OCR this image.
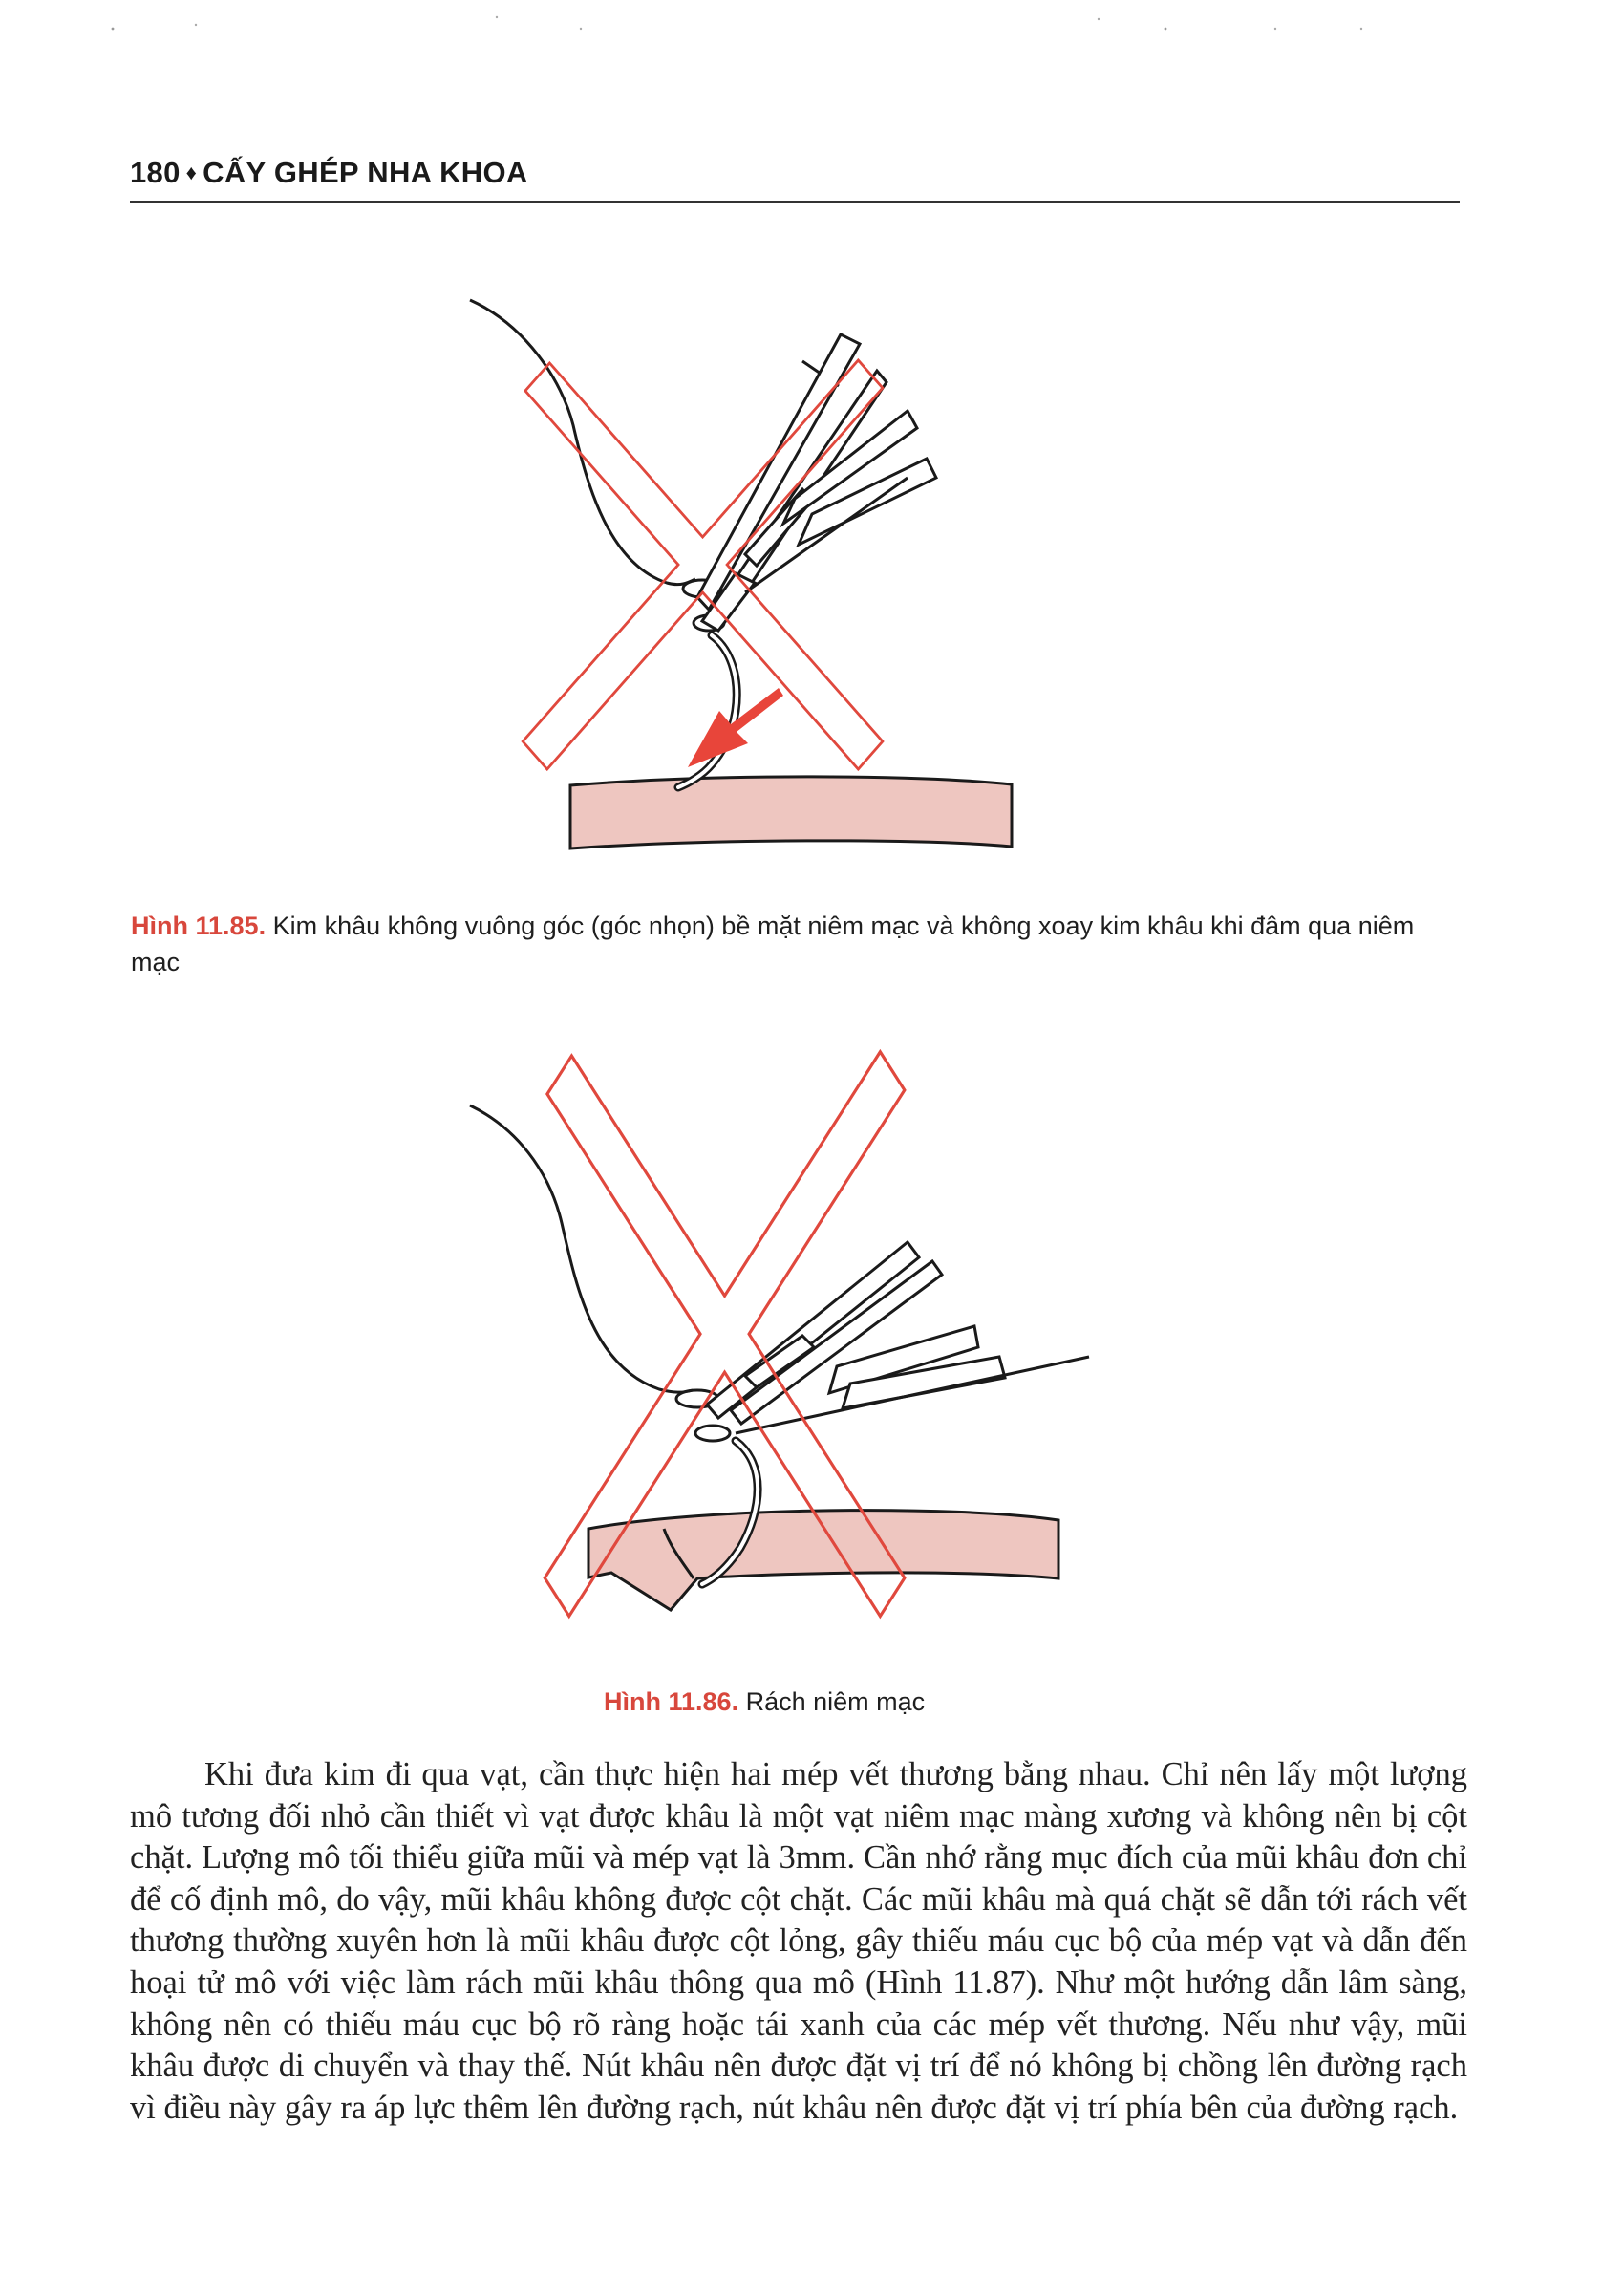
180 ♦ CẤY GHÉP NHA KHOA
Hình 11.85. Kim khâu không vuông góc (góc nhọn) bề mặt niêm mạc và không xoay kim khâu khi đâm qua niêm mạc
Hình 11.86. Rách niêm mạc

Khi đưa kim đi qua vạt, cần thực hiện hai mép vết thương bằng nhau. Chỉ nên lấy một lượng mô tương đối nhỏ cần thiết vì vạt được khâu là một vạt niêm mạc màng xương và không nên bị cột chặt. Lượng mô tối thiểu giữa mũi và mép vạt là 3mm. Cần nhớ rằng mục đích của mũi khâu đơn chỉ để cố định mô, do vậy, mũi khâu không được cột chặt. Các mũi khâu mà quá chặt sẽ dẫn tới rách vết thương thường xuyên hơn là mũi khâu được cột lỏng, gây thiếu máu cục bộ của mép vạt và dẫn đến hoại tử mô với việc làm rách mũi khâu thông qua mô (Hình 11.87). Như một hướng dẫn lâm sàng, không nên có thiếu máu cục bộ rõ ràng hoặc tái xanh của các mép vết thương. Nếu như vậy, mũi khâu được di chuyển và thay thế. Nút khâu nên được đặt vị trí để nó không bị chồng lên đường rạch vì điều này gây ra áp lực thêm lên đường rạch, nút khâu nên được đặt vị trí phía bên của đường rạch.
